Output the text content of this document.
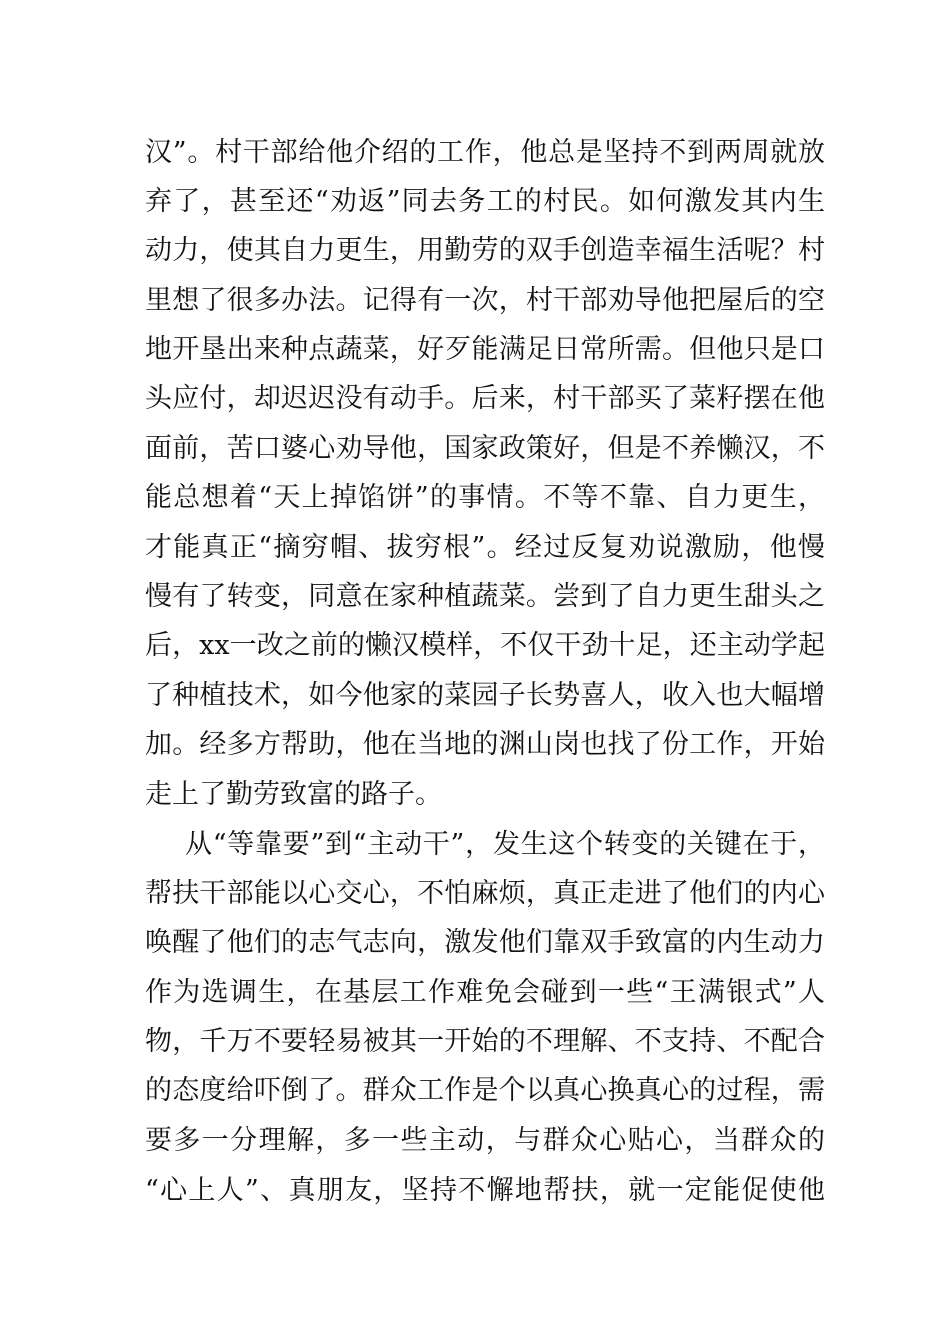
汉”。村干部给他介绍的工作，他总是坚持不到两周就放
弃了，甚至还“劝返”同去务工的村民。如何激发其内生
动力，使其自力更生，用勤劳的双手创造幸福生活呢？村
里想了很多办法。记得有一次，村干部劝导他把屋后的空
地开垦出来种点蔬菜，好歹能满足日常所需。但他只是口
头应付，却迟迟没有动手。后来，村干部买了菜籽摆在他
面前，苦口婆心劝导他，国家政策好，但是不养懒汉，不
能总想着“天上掉馅饼”的事情。不等不靠、自力更生，
才能真正“摘穷帽、拔穷根”。经过反复劝说激励，他慢
慢有了转变，同意在家种植蔬菜。尝到了自力更生甜头之
后，xx一改之前的懒汉模样，不仅干劲十足，还主动学起
了种植技术，如今他家的菜园子长势喜人，收入也大幅增
加。经多方帮助，他在当地的渊山岗也找了份工作，开始
走上了勤劳致富的路子。
从“等靠要”到“主动干”，发生这个转变的关键在于，
帮扶干部能以心交心，不怕麻烦，真正走进了他们的内心
唤醒了他们的志气志向，激发他们靠双手致富的内生动力
作为选调生，在基层工作难免会碰到一些“王满银式”人
物，千万不要轻易被其一开始的不理解、不支持、不配合
的态度给吓倒了。群众工作是个以真心换真心的过程，需
要多一分理解，多一些主动，与群众心贴心，当群众的
“心上人”、真朋友，坚持不懈地帮扶，就一定能促使他
